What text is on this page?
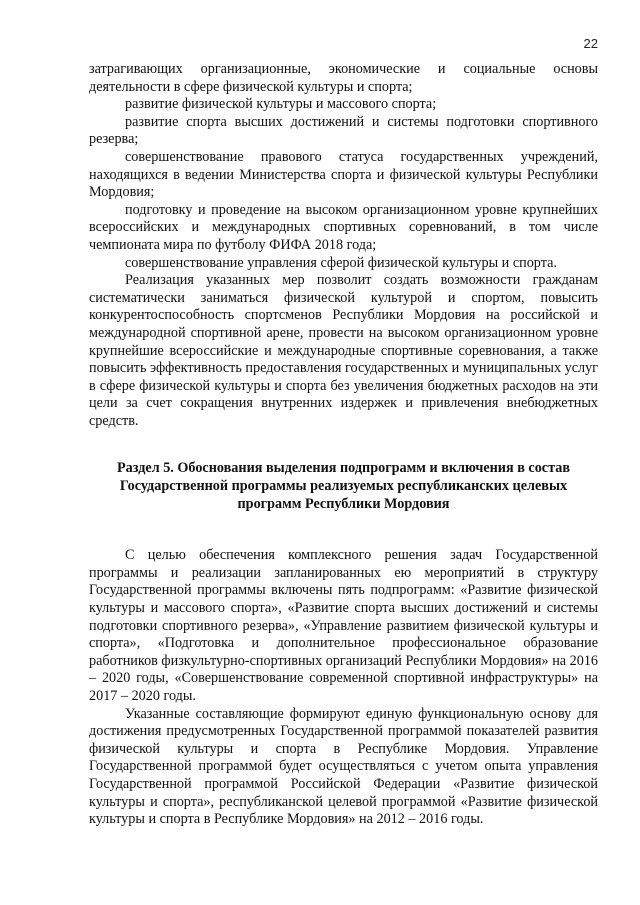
22

затрагивающих организационные, экономические и социальные основы деятельности в сфере физической культуры и спорта;

развитие физической культуры и массового спорта;

развитие спорта высших достижений и системы подготовки спортивного резерва;

совершенствование правового статуса государственных учреждений, находящихся в ведении Министерства спорта и физической культуры Республики Мордовия;

подготовку и проведение на высоком организационном уровне крупнейших всероссийских и международных спортивных соревнований, в том числе чемпионата мира по футболу ФИФА 2018 года;

совершенствование управления сферой физической культуры и спорта.

Реализация указанных мер позволит создать возможности гражданам систематически заниматься физической культурой и спортом, повысить конкурентоспособность спортсменов Республики Мордовия на российской и международной спортивной арене, провести на высоком организационном уровне крупнейшие всероссийские и международные спортивные соревнования, а также повысить эффективность предоставления государственных и муниципальных услуг в сфере физической культуры и спорта без увеличения бюджетных расходов на эти цели за счет сокращения внутренних издержек и привлечения внебюджетных средств.

Раздел 5. Обоснования выделения подпрограмм и включения в состав Государственной программы реализуемых республиканских целевых программ Республики Мордовия

С целью обеспечения комплексного решения задач Государственной программы и реализации запланированных ею мероприятий в структуру Государственной программы включены пять подпрограмм: «Развитие физической культуры и массового спорта», «Развитие спорта высших достижений и системы подготовки спортивного резерва», «Управление развитием физической культуры и спорта», «Подготовка и дополнительное профессиональное образование работников физкультурно-спортивных организаций Республики Мордовия» на 2016 – 2020 годы, «Совершенствование современной спортивной инфраструктуры» на 2017 – 2020 годы.

Указанные составляющие формируют единую функциональную основу для достижения предусмотренных Государственной программой показателей развития физической культуры и спорта в Республике Мордовия. Управление Государственной программой будет осуществляться с учетом опыта управления Государственной программой Российской Федерации «Развитие физической культуры и спорта», республиканской целевой программой «Развитие физической культуры и спорта в Республике Мордовия» на 2012 – 2016 годы.
